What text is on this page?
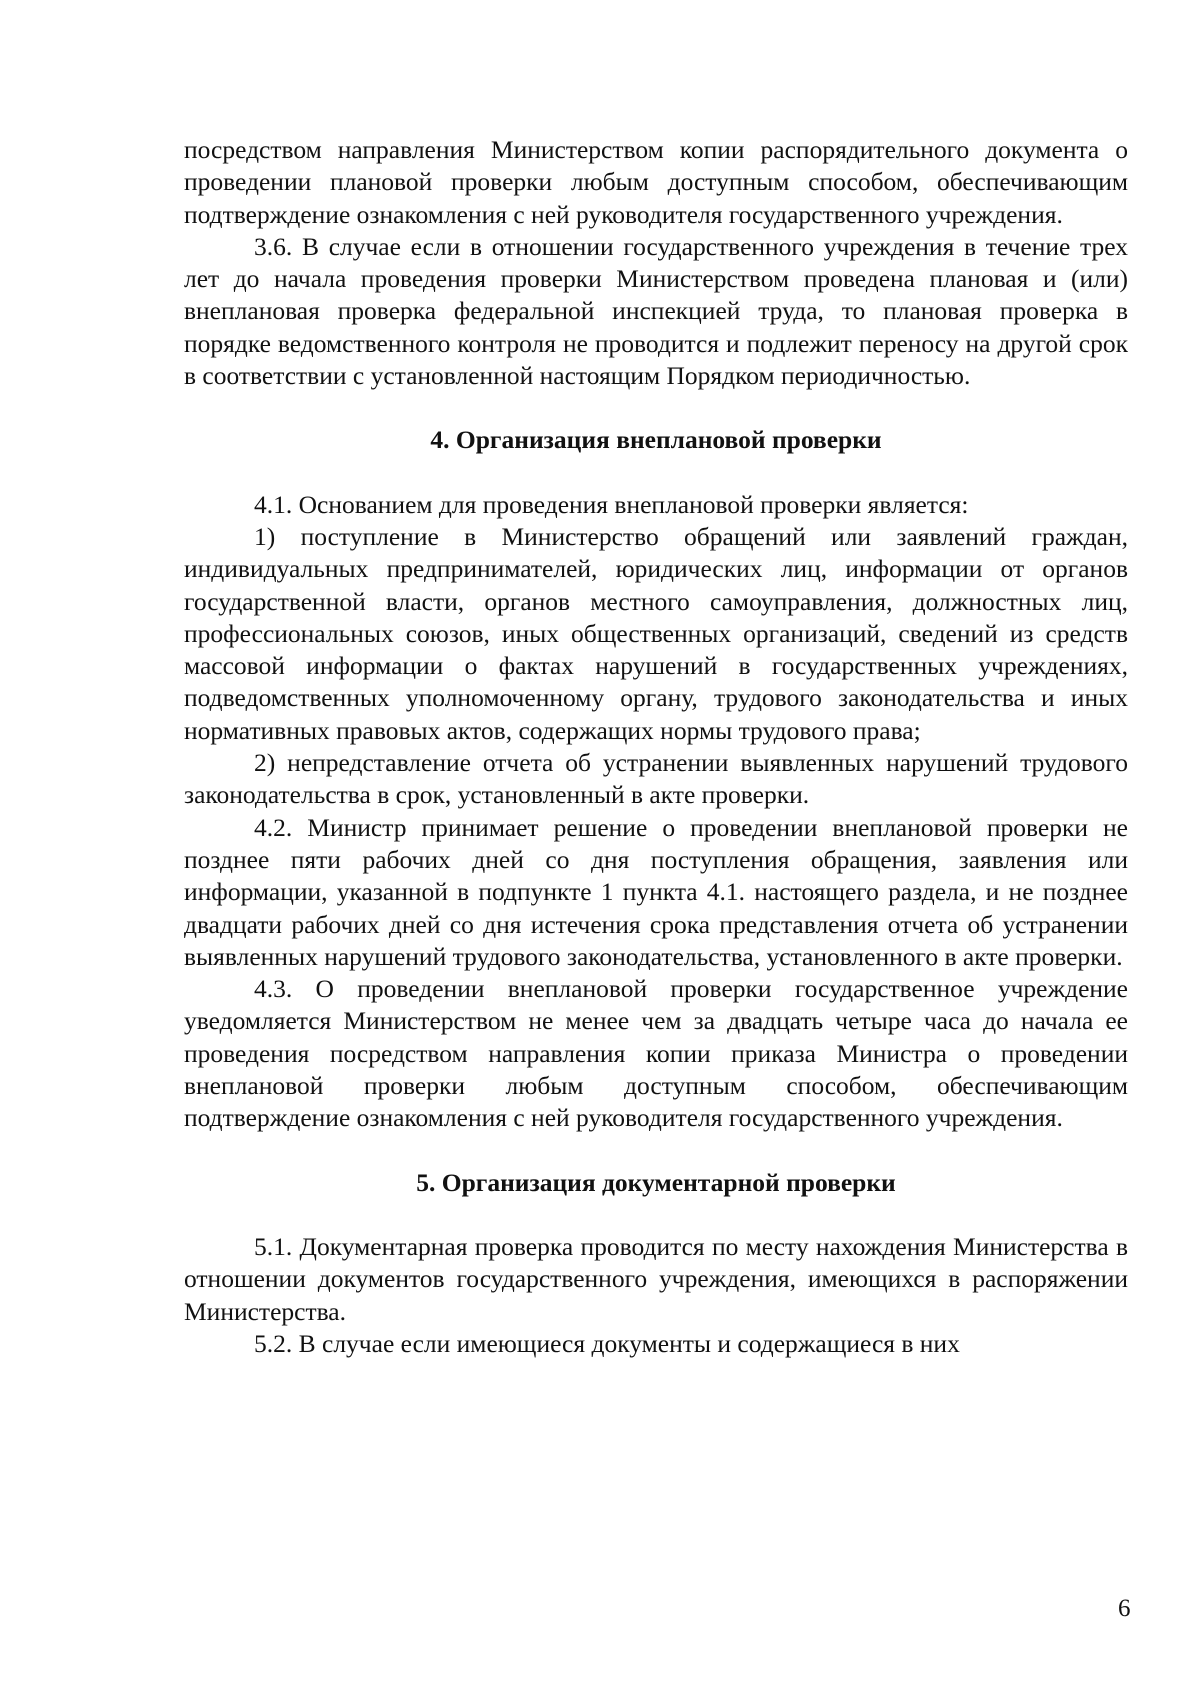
посредством направления Министерством копии распорядительного документа о проведении плановой проверки любым доступным способом, обеспечивающим подтверждение ознакомления с ней руководителя государственного учреждения.

3.6. В случае если в отношении государственного учреждения в течение трех лет до начала проведения проверки Министерством проведена плановая и (или) внеплановая проверка федеральной инспекцией труда, то плановая проверка в порядке ведомственного контроля не проводится и подлежит переносу на другой срок в соответствии с установленной настоящим Порядком периодичностью.

4. Организация внеплановой проверки

4.1. Основанием для проведения внеплановой проверки является:

1) поступление в Министерство обращений или заявлений граждан, индивидуальных предпринимателей, юридических лиц, информации от органов государственной власти, органов местного самоуправления, должностных лиц, профессиональных союзов, иных общественных организаций, сведений из средств массовой информации о фактах нарушений в государственных учреждениях, подведомственных уполномоченному органу, трудового законодательства и иных нормативных правовых актов, содержащих нормы трудового права;

2) непредставление отчета об устранении выявленных нарушений трудового законодательства в срок, установленный в акте проверки.

4.2. Министр принимает решение о проведении внеплановой проверки не позднее пяти рабочих дней со дня поступления обращения, заявления или информации, указанной в подпункте 1 пункта 4.1. настоящего раздела, и не позднее двадцати рабочих дней со дня истечения срока представления отчета об устранении выявленных нарушений трудового законодательства, установленного в акте проверки.

4.3. О проведении внеплановой проверки государственное учреждение уведомляется Министерством не менее чем за двадцать четыре часа до начала ее проведения посредством направления копии приказа Министра о проведении внеплановой проверки любым доступным способом, обеспечивающим подтверждение ознакомления с ней руководителя государственного учреждения.

5. Организация документарной проверки

5.1. Документарная проверка проводится по месту нахождения Министерства в отношении документов государственного учреждения, имеющихся в распоряжении Министерства.

5.2. В случае если имеющиеся документы и содержащиеся в них

6
